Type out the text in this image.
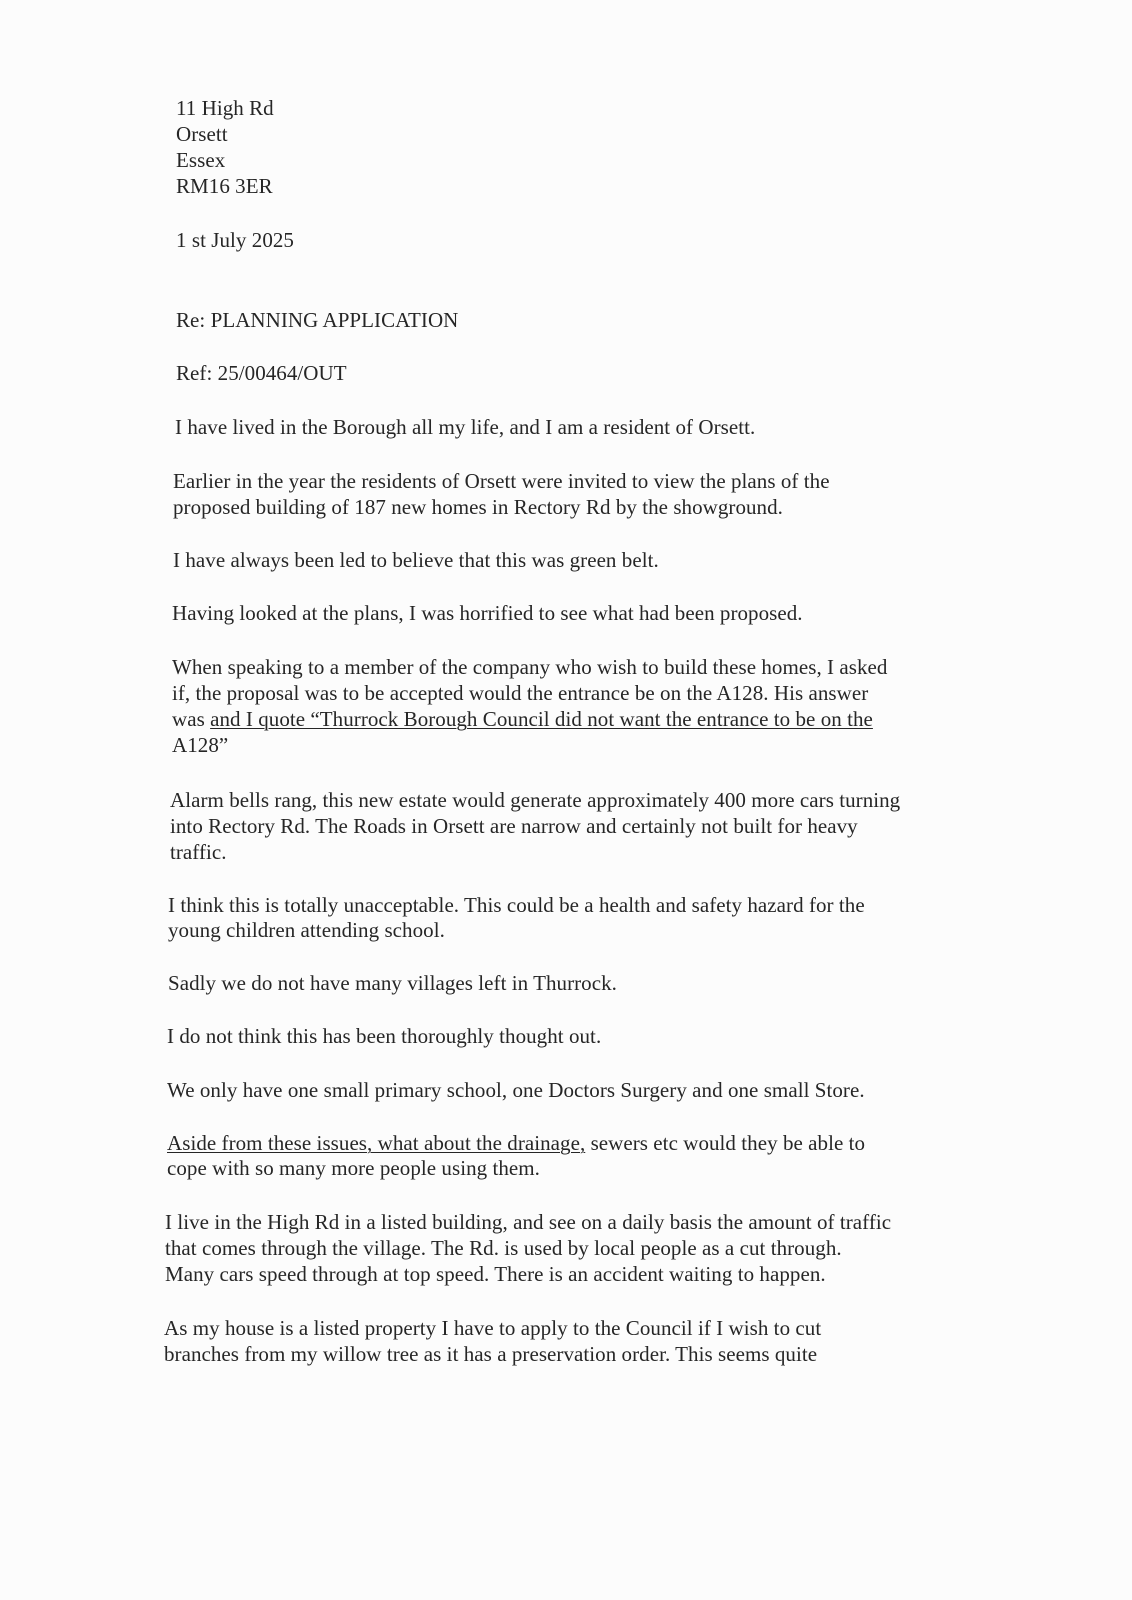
11 High Rd
Orsett
Essex
RM16 3ER
1 st July 2025
Re: PLANNING APPLICATION
Ref: 25/00464/OUT
I have lived in the Borough all my life, and I am a resident of Orsett.
Earlier in the year the residents of Orsett were invited to view the plans of the
proposed building of 187 new homes in Rectory Rd by the showground.
I have always been led to believe that this was green belt.
Having looked at the plans, I was horrified to see what had been proposed.
When speaking to a member of the company who wish to build these homes, I asked
if, the proposal was to be accepted would the entrance be on the A128. His answer
was and I quote “Thurrock Borough Council did not want the entrance to be on the
A128”
Alarm bells rang, this new estate would generate approximately 400 more cars turning
into Rectory Rd. The Roads in Orsett are narrow and certainly not built for heavy
traffic.
I think this is totally unacceptable. This could be a health and safety hazard for the
young children attending school.
Sadly we do not have many villages left in Thurrock.
I do not think this has been thoroughly thought out.
We only have one small primary school, one Doctors Surgery and one small Store.
Aside from these issues, what about the drainage, sewers etc would they be able to
cope with so many more people using them.
I live in the High Rd in a listed building, and see on a daily basis the amount of traffic
that comes through the village. The Rd. is used by local people as a cut through.
Many cars speed through at top speed. There is an accident waiting to happen.
As my house is a listed property I have to apply to the Council if I wish to cut
branches from my willow tree as it has a preservation order. This seems quite
